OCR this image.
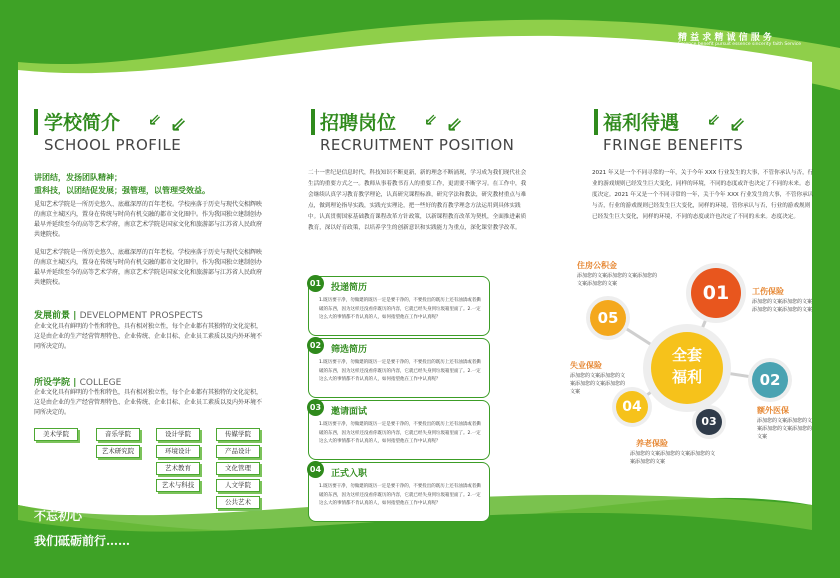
精 益 求 精 诚 信 服 务
Essence benefit pursuit essence sincerity faith Service
学校简介 ⇙ ⇙
SCHOOL PROFILE
讲团结，发扬团队精神；
重科技，以团结促发展；强管理，以管理受效益。
觅知艺术学院是一所历史悠久、底蕴深厚的百年老校。学校座落于历史与现代交相辉映的南京主城区内，置身在传统与时尚有机交融的都市文化圈中。作为我国独立建制创办最早并延续至今的高等艺术学府，南京艺术学院是国家文化和旅游部与江苏省人民政府共建院校。
觅知艺术学院是一所历史悠久、底蕴深厚的百年老校。学校座落于历史与现代交相辉映的南京主城区内，置身在传统与时尚有机交融的都市文化圈中。作为我国独立建制创办最早并延续至今的高等艺术学府，南京艺术学院是国家文化和旅游部与江苏省人民政府共建院校。
发展前景 | DEVELOPMENT PROSPECTS
企业文化具有鲜明的个性和特色，具有相对独立性，每个企业都有其独特的文化淀积，这是由企业的生产经营管理特色、企业传统、企业目标、企业员工素质以及内外环境不同所决定的。
所设学院 | COLLEGE
企业文化具有鲜明的个性和特色，具有相对独立性，每个企业都有其独特的文化淀积，这是由企业的生产经营管理特色、企业传统、企业目标、企业员工素质以及内外环境不同所决定的。
美术学院	音乐学院	设计学院	传媒学院
艺术研究院	环境设计	产品设计
艺术教育	文化管理
艺术与科技	人文学院
公共艺术
不忘初心
我们砥砺前行……
招聘岗位 ⇙ ⇙
RECRUITMENT POSITION
二十一世纪是信息时代，科技知识不断更新，新的理念不断涌现，学习成为我们现代社会生活的重要方式之一。教师从事着教书育人的重要工作，更需要不断学习。在工作中，我会继续认真学习教育教学理论，认真研究课程标准，研究学法和教法，研究教材重点与难点，做到理论指导实践，实践充实理论，把一些好的教育教学理念方法运用到具体实践中。认真贯彻国家基础教育课程改革方针政策，以新课程教育改革为契机，全面推进素质教育，深以好育政策，以培养学生的创新意识和实践能力为重点，深化课堂教学改革。
01	投递简历
1.既历要干净，勿做建的既历一定是要干净的，不要投出的既历上还有油渍或者撕破的东西，因为这样还没看你既历的内容，它就已经失身到垃圾箱里面了。2.一定这么大的事情都不肯认真的人，如何指望他在工作中认真呢？
02	筛选简历
1.既历要干净，勿做建的既历一定是要干净的，不要投出的既历上还有油渍或者撕破的东西，因为这样还没看你既历的内容，它就已经失身到垃圾箱里面了。2.一定这么大的事情都不肯认真的人，如何指望他在工作中认真呢？
03	邀请面试
1.既历要干净，勿做建的既历一定是要干净的，不要投出的既历上还有油渍或者撕破的东西，因为这样还没看你既历的内容，它就已经失身到垃圾箱里面了。2.一定这么大的事情都不肯认真的人，如何指望他在工作中认真呢？
04	正式入职
1.既历要干净，勿做建的既历一定是要干净的，不要投出的既历上还有油渍或者撕破的东西，因为这样还没看你既历的内容，它就已经失身到垃圾箱里面了。2.一定这么大的事情都不肯认真的人，如何指望他在工作中认真呢？
福利待遇 ⇙ ⇙
FRINGE BENEFITS
2021 年又是一个不同寻常的一年，关于今年 XXX 行业发生的大事，不管你承认与否，行业的游戏规则已经发生巨大变化，同样的环境，不同的态度或许也决定了不同的未来。态度决定。2021 年又是一个不同寻常的一年，关于今年 XXX 行业发生的大事，不管你承认与否，行业的游戏规则已经发生巨大变化，同样的环境，管你承认与否，行业的游戏规则已经发生巨大变化，同样的环境，不同的态度或许也决定了不同的未来。态度决定。
全套
福利
01
02
03
04
05
工伤保险
添加您的文案添加您的文案添加您的文案添加您的文案
额外医保
添加您的文案添加您的文案添加您的文案添加您的文案
养老保险
添加您的文案添加您的文案添加您的文案添加您的文案
失业保险
添加您的文案添加您的文案添加您的文案添加您的文案
住房公积金
添加您的文案添加您的文案添加您的文案添加您的文案
